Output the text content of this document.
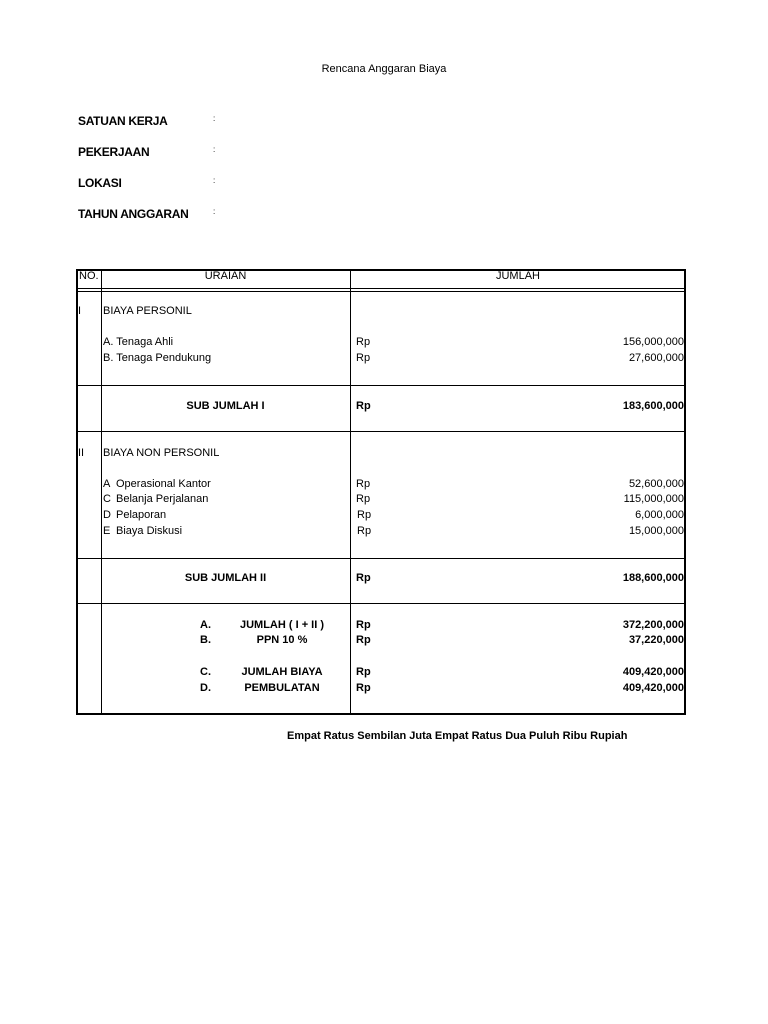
Rencana Anggaran Biaya
SATUAN KERJA	:
PEKERJAAN	:
LOKASI	:
TAHUN ANGGARAN	:
NO.	URAIAN	JUMLAH
I BIAYA PERSONIL
A. Tenaga Ahli	Rp	156,000,000
B. Tenaga Pendukung	Rp	27,600,000
SUB JUMLAH I	Rp	183,600,000
II BIAYA NON PERSONIL
A Operasional Kantor	Rp	52,600,000
C Belanja Perjalanan	Rp	115,000,000
D Pelaporan	Rp	6,000,000
E Biaya Diskusi	Rp	15,000,000
SUB JUMLAH II	Rp	188,600,000
A.	JUMLAH ( I + II )	Rp	372,200,000
B.	PPN 10 %	Rp	37,220,000
C.	JUMLAH BIAYA	Rp	409,420,000
D.	PEMBULATAN	Rp	409,420,000
Empat Ratus Sembilan Juta Empat Ratus Dua Puluh Ribu Rupiah
